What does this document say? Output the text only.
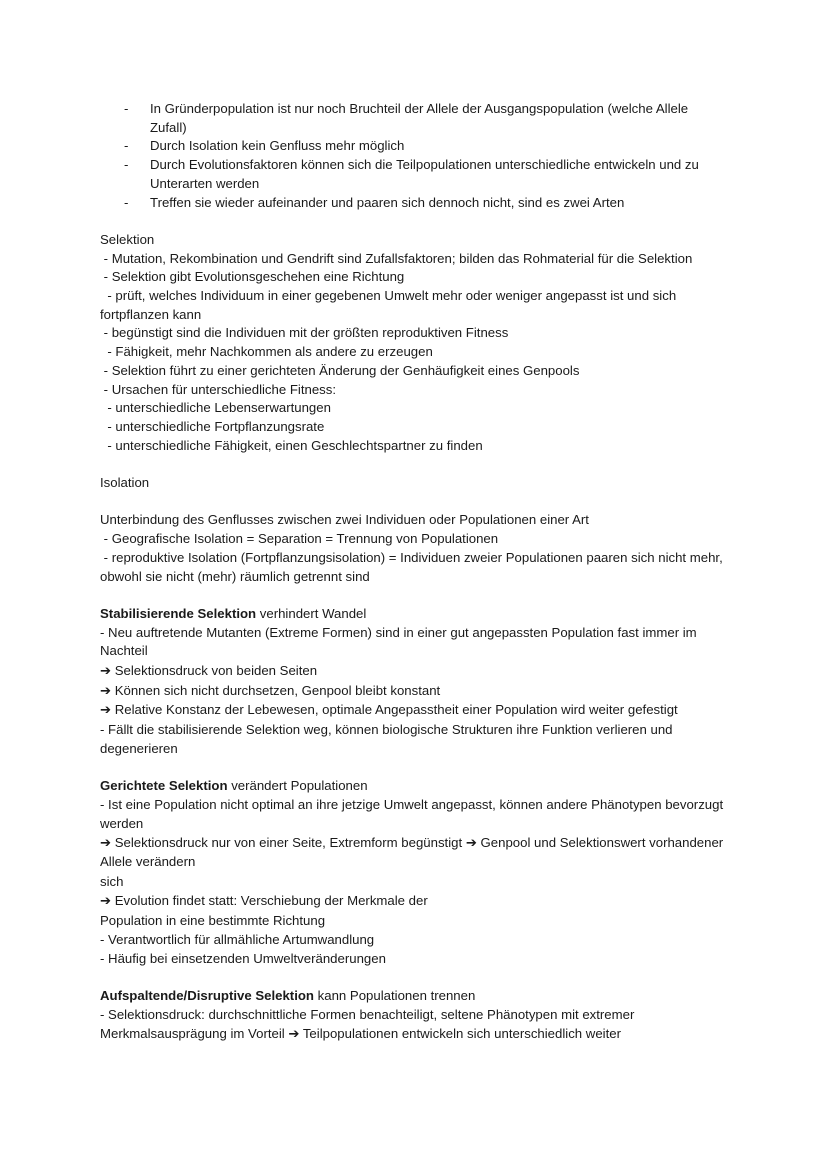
- In Gründerpopulation ist nur noch Bruchteil der Allele der Ausgangspopulation (welche Allele Zufall)
- Durch Isolation kein Genfluss mehr möglich
- Durch Evolutionsfaktoren können sich die Teilpopulationen unterschiedliche entwickeln und zu Unterarten werden
- Treffen sie wieder aufeinander und paaren sich dennoch nicht, sind es zwei Arten
Selektion
- Mutation, Rekombination und Gendrift sind Zufallsfaktoren; bilden das Rohmaterial für die Selektion
- Selektion gibt Evolutionsgeschehen eine Richtung
- prüft, welches Individuum in einer gegebenen Umwelt mehr oder weniger angepasst ist und sich fortpflanzen kann
- begünstigt sind die Individuen mit der größten reproduktiven Fitness
- Fähigkeit, mehr Nachkommen als andere zu erzeugen
- Selektion führt zu einer gerichteten Änderung der Genhäufigkeit eines Genpools
- Ursachen für unterschiedliche Fitness:
- unterschiedliche Lebenserwartungen
- unterschiedliche Fortpflanzungsrate
- unterschiedliche Fähigkeit, einen Geschlechtspartner zu finden
Isolation
Unterbindung des Genflusses zwischen zwei Individuen oder Populationen einer Art
- Geografische Isolation = Separation = Trennung von Populationen
- reproduktive Isolation (Fortpflanzungsisolation) = Individuen zweier Populationen paaren sich nicht mehr, obwohl sie nicht (mehr) räumlich getrennt sind
Stabilisierende Selektion verhindert Wandel
- Neu auftretende Mutanten (Extreme Formen) sind in einer gut angepassten Population fast immer im Nachteil
➔ Selektionsdruck von beiden Seiten
➔ Können sich nicht durchsetzen, Genpool bleibt konstant
➔ Relative Konstanz der Lebewesen, optimale Angepasstheit einer Population wird weiter gefestigt
- Fällt die stabilisierende Selektion weg, können biologische Strukturen ihre Funktion verlieren und degenerieren
Gerichtete Selektion verändert Populationen
- Ist eine Population nicht optimal an ihre jetzige Umwelt angepasst, können andere Phänotypen bevorzugt werden
➔ Selektionsdruck nur von einer Seite, Extremform begünstigt ➔ Genpool und Selektionswert vorhandener Allele verändern
sich
➔ Evolution findet statt: Verschiebung der Merkmale der
Population in eine bestimmte Richtung
- Verantwortlich für allmähliche Artumwandlung
- Häufig bei einsetzenden Umweltveränderungen
Aufspaltende/Disruptive Selektion kann Populationen trennen
- Selektionsdruck: durchschnittliche Formen benachteiligt, seltene Phänotypen mit extremer
Merkmalsausprägung im Vorteil ➔ Teilpopulationen entwickeln sich unterschiedlich weiter
